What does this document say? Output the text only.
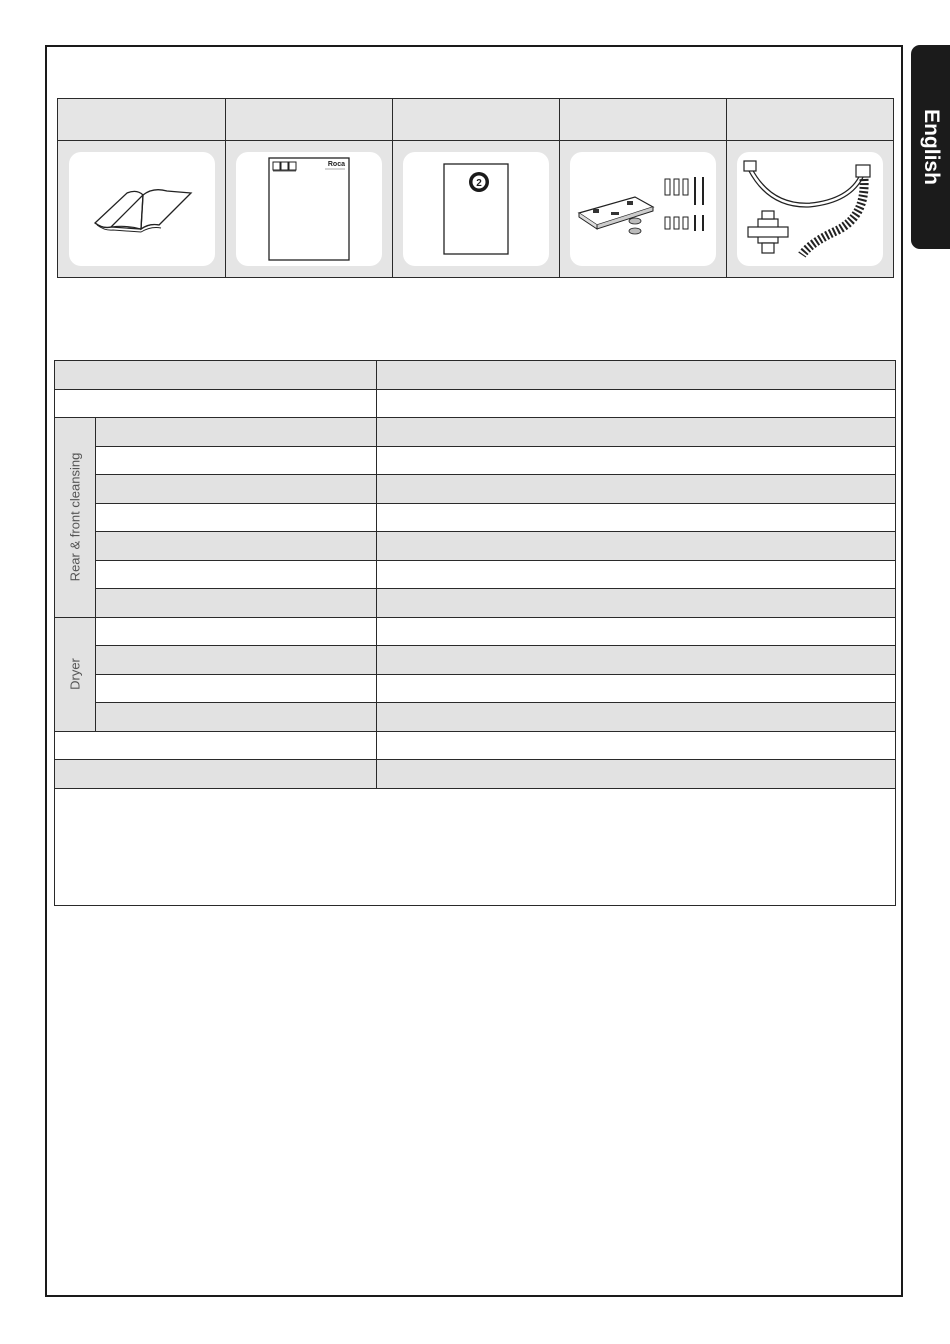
English
Roca
2

Rear & front cleansing		

Dryer		
